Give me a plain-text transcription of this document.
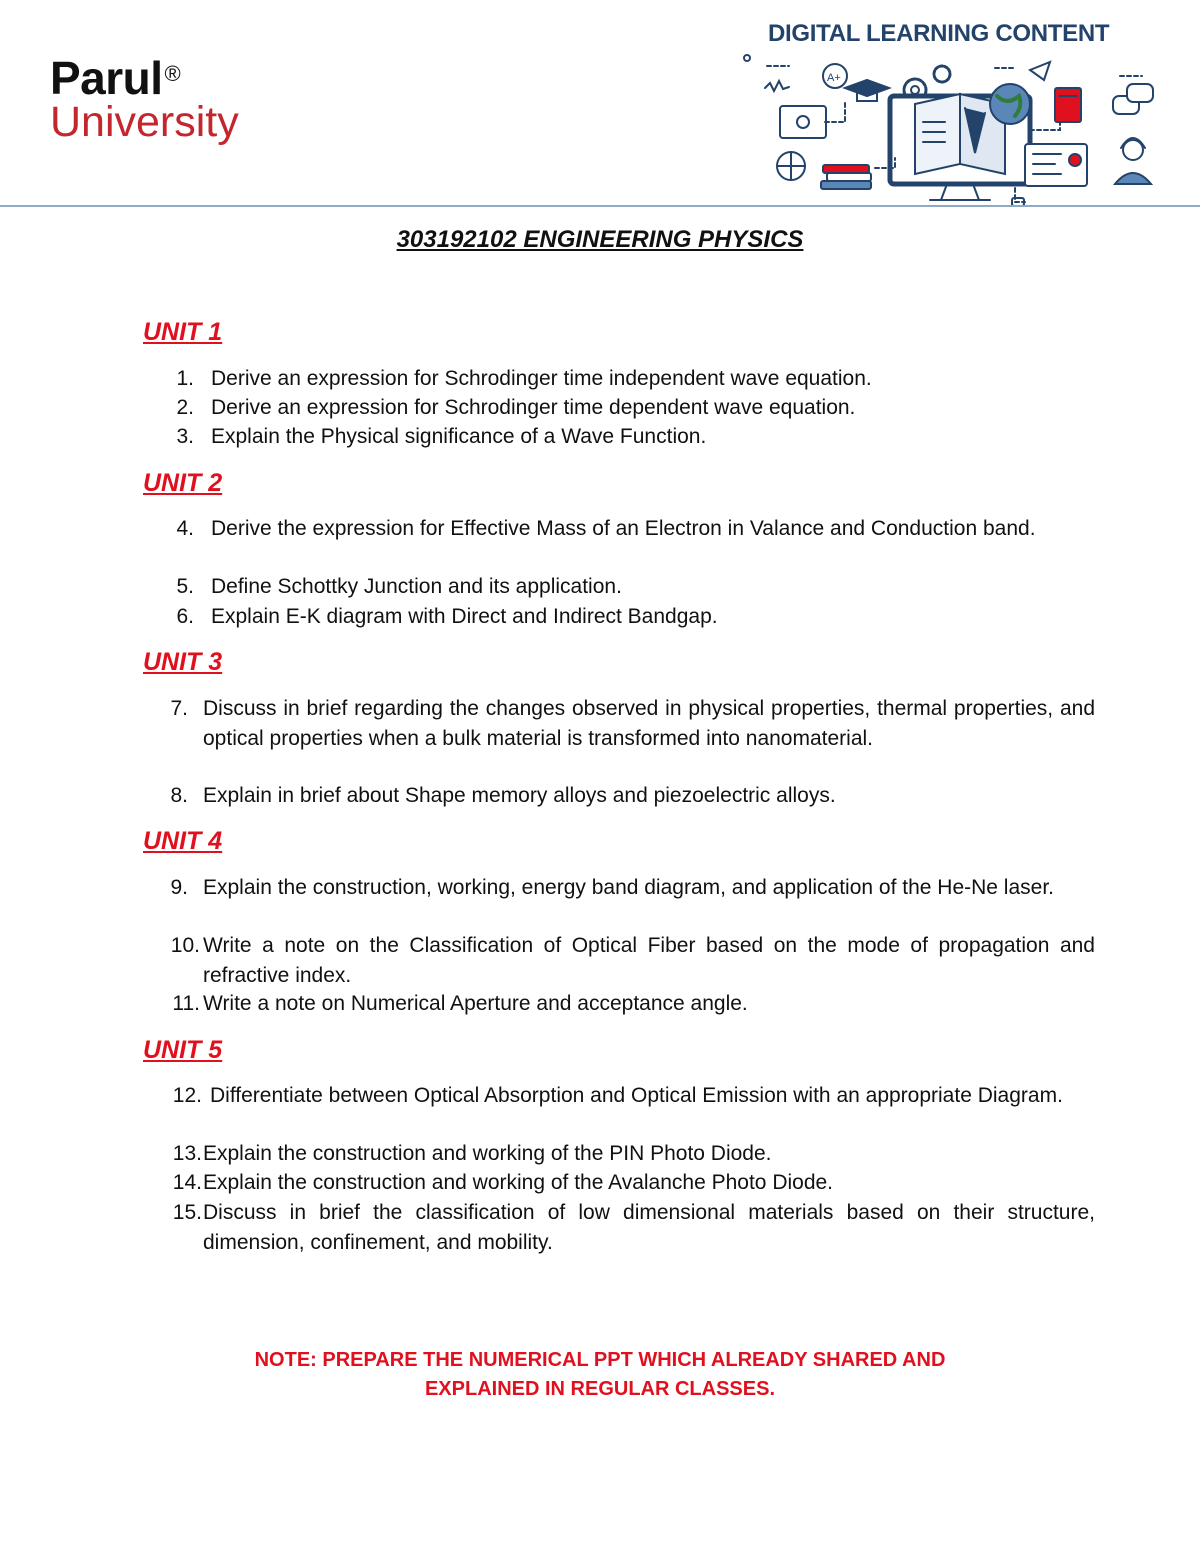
Parul®
University
DIGITAL LEARNING CONTENT
A+
303192102 ENGINEERING PHYSICS
UNIT 1
1. Derive an expression for Schrodinger time independent wave equation.
2. Derive an expression for Schrodinger time dependent wave equation.
3. Explain the Physical significance of a Wave Function.
UNIT 2
4. Derive the expression for Effective Mass of an Electron in Valance and Conduction band.
5. Define Schottky Junction and its application.
6. Explain E-K diagram with Direct and Indirect Bandgap.
UNIT 3
7. Discuss in brief regarding the changes observed in physical properties, thermal properties, and optical properties when a bulk material is transformed into nanomaterial.
8. Explain in brief about Shape memory alloys and piezoelectric alloys.
UNIT 4
9. Explain the construction, working, energy band diagram, and application of the He-Ne laser.
10. Write a note on the Classification of Optical Fiber based on the mode of propagation and refractive index.
11. Write a note on Numerical Aperture and acceptance angle.
UNIT 5
12. Differentiate between Optical Absorption and Optical Emission with an appropriate Diagram.
13. Explain the construction and working of the PIN Photo Diode.
14. Explain the construction and working of the Avalanche Photo Diode.
15. Discuss in brief the classification of low dimensional materials based on their structure, dimension, confinement, and mobility.
NOTE: PREPARE THE NUMERICAL PPT WHICH ALREADY SHARED AND
EXPLAINED IN REGULAR CLASSES.
